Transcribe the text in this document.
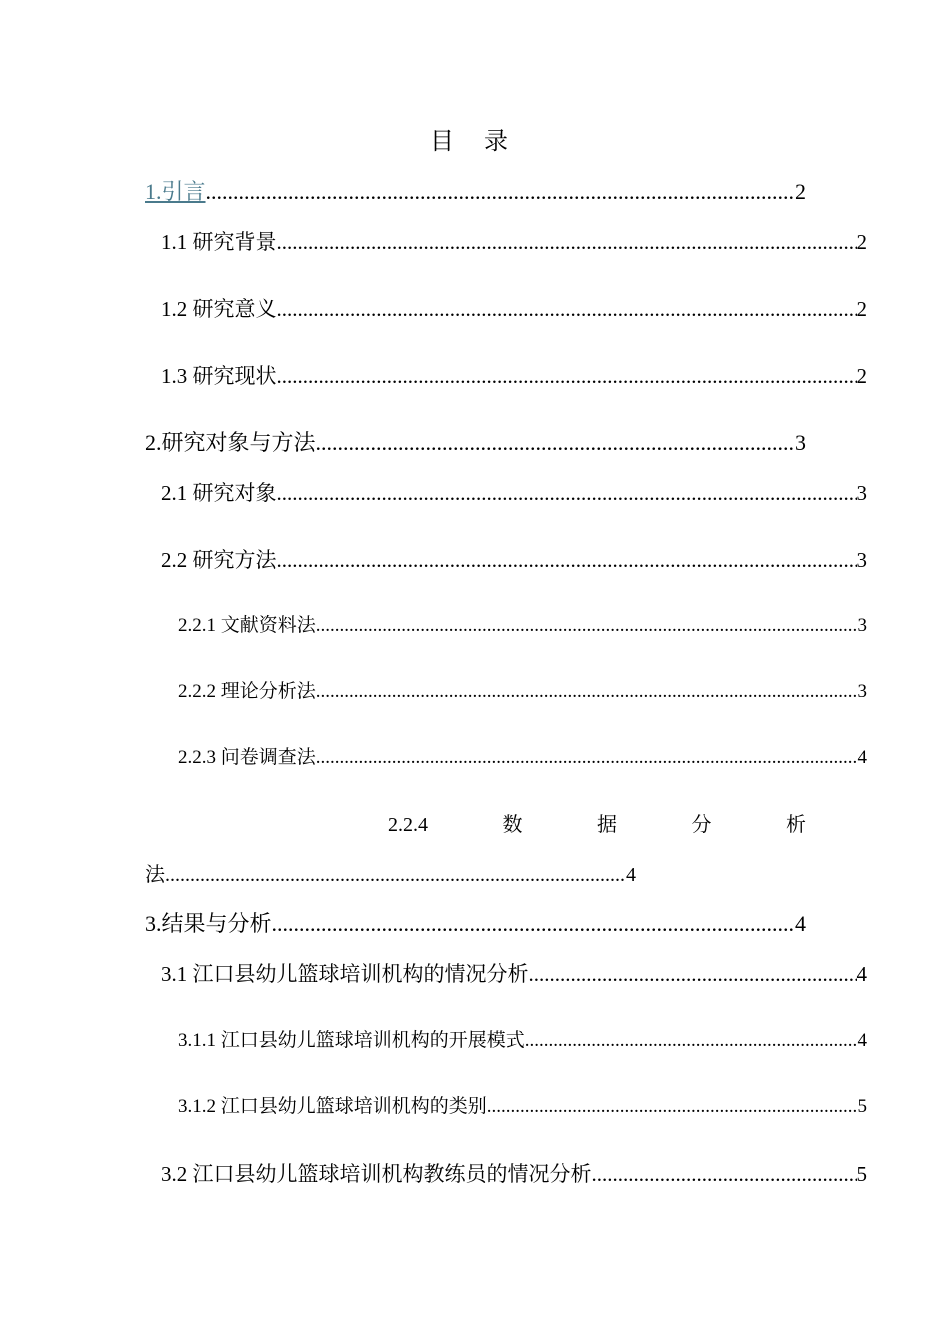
目 录
1.引言 .....	2
1.1 研究背景 .....	2
1.2 研究意义 .....	2
1.3 研究现状 .....	2
2.研究对象与方法 .....	3
2.1 研究对象 .....	3
2.2 研究方法 .....	3
2.2.1 文献资料法 .....	3
2.2.2 理论分析法 .....	3
2.2.3 问卷调查法 .....	4
2.2.4	数	据	分	析
法 .....	4
3.结果与分析 .....	4
3.1 江口县幼儿篮球培训机构的情况分析 .....	4
3.1.1 江口县幼儿篮球培训机构的开展模式 .....	4
3.1.2 江口县幼儿篮球培训机构的类别 .....	5
3.2 江口县幼儿篮球培训机构教练员的情况分析 .....	5
